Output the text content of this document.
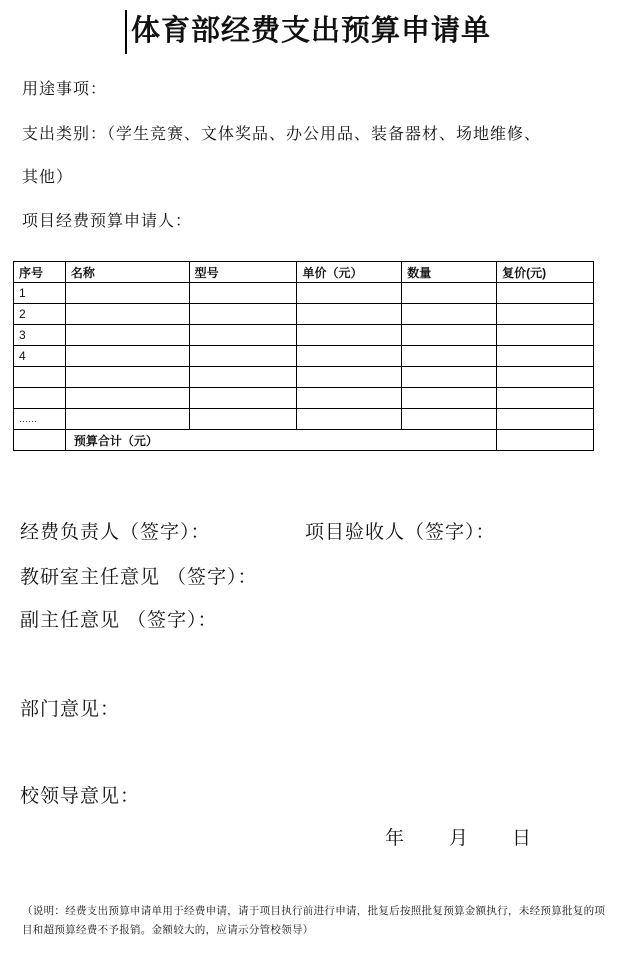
体育部经费支出预算申请单
用途事项：
支出类别：（学生竞赛、文体奖品、办公用品、装备器材、场地维修、
其他）
项目经费预算申请人：
序号	名称	型号	单价（元）	数量	复价(元)
1					
2					
3					
4					

……					
	预算合计（元）				
经费负责人（签字）：	项目验收人（签字）：
教研室主任意见 （签字）：
副主任意见 （签字）：
部门意见：
校领导意见：
年 月 日
（说明：经费支出预算申请单用于经费申请，请于项目执行前进行申请，批复后按照批复预算金额执行，未经预算批复的项目和超预算经费不予报销。金额较大的，应请示分管校领导）
